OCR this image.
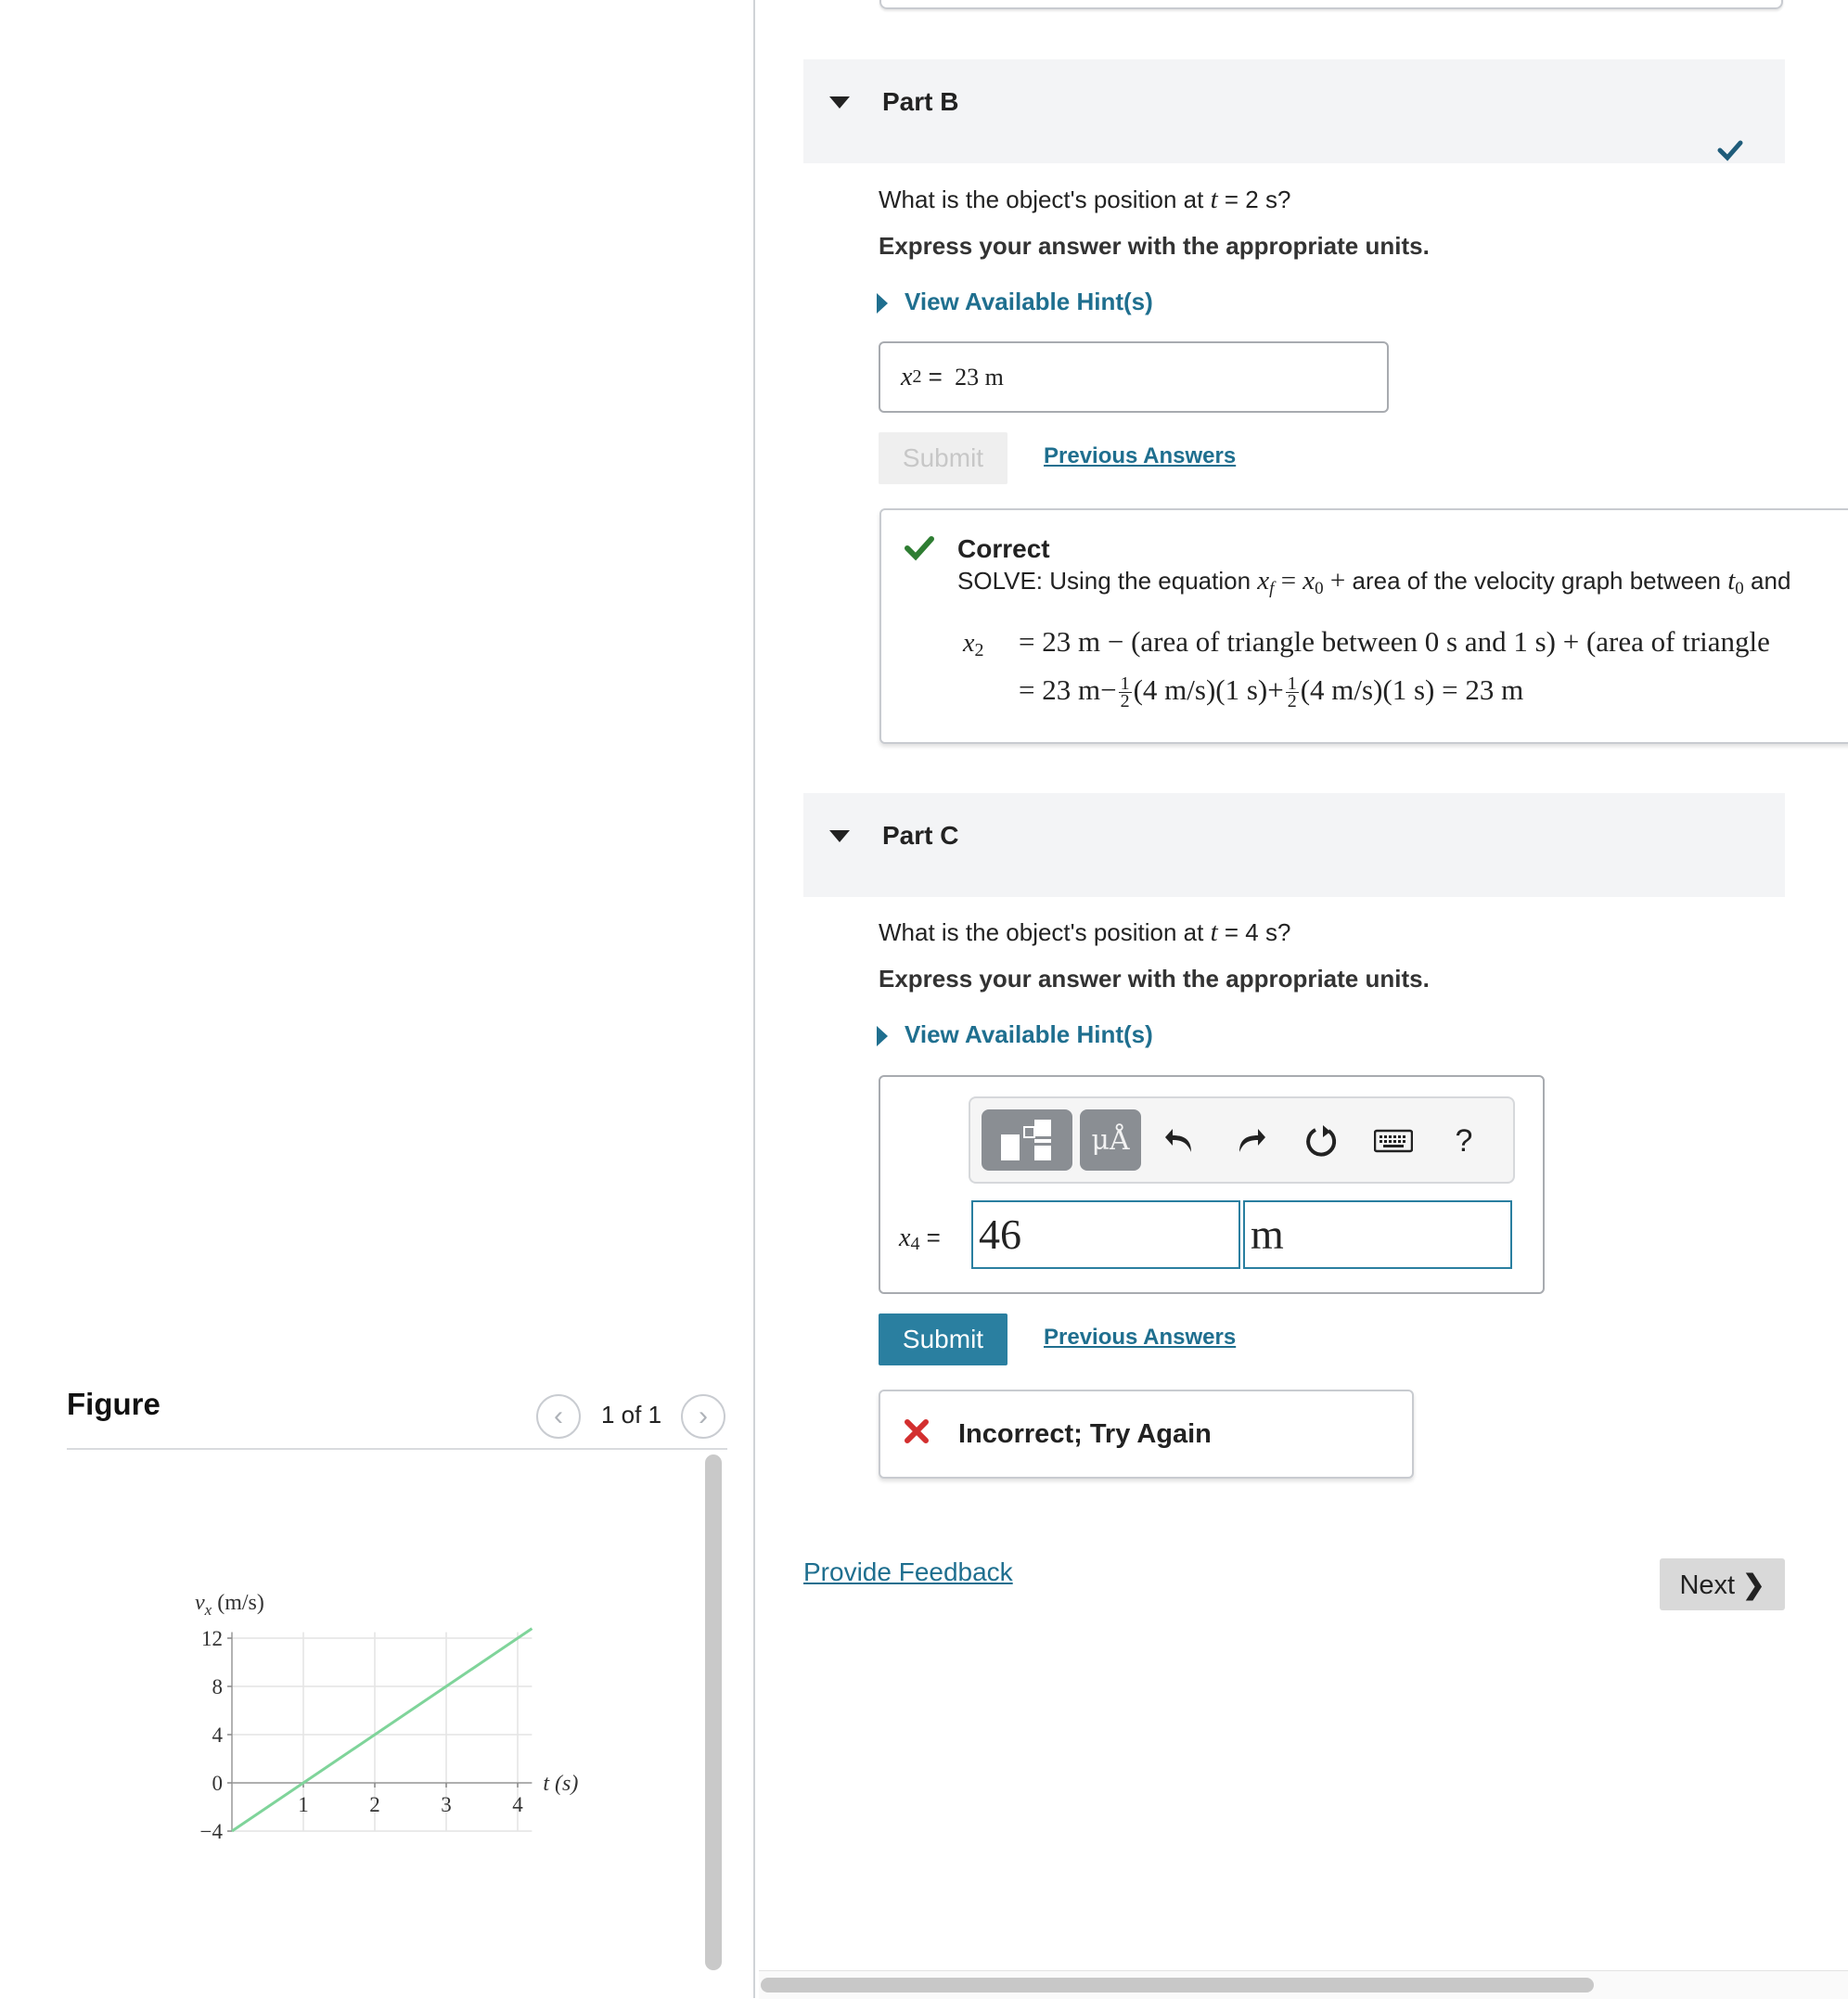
Figure	‹ 1 of 1 ›
−4
0
4
8
12
1	2	3	4
$v_x$ (m/s)
t (s)
Part B
What is the object's position at t = 2 s?
Express your answer with the appropriate units.
View Available Hint(s)
x 2 = 23 m
Submit	Previous Answers
Correct
SOLVE: Using the equation xf = x0 + area of the velocity graph between t0 and
x2 = 23 m − (area of triangle between 0 s and 1 s) + (area of triangle
= 23 $m- \frac{1}{2} (4$ m/s)(1 $s)+ \frac{1}{2} (4$ m/s)(1 s) = 23 m
Part C
What is the object's position at t = 4 s?
Express your answer with the appropriate units.
View Available Hint(s)
μÅ	?
x4 = 46	m
Submit	Previous Answers
Incorrect; Try Again
Provide Feedback	Next ❯
